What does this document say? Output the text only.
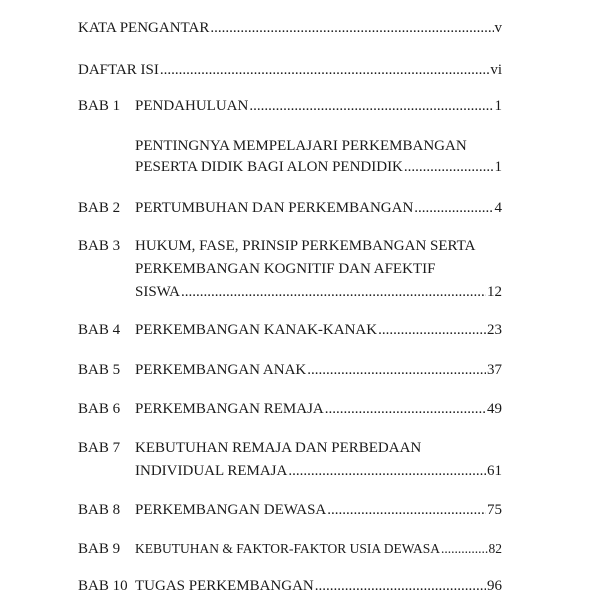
KATA PENGANTAR .....	v
DAFTAR ISI .....	vi
BAB 1 PENDAHULUAN .....	1
PENTINGNYA MEMPELAJARI PERKEMBANGAN
PESERTA DIDIK BAGI ALON PENDIDIK .....	1
BAB 2 PERTUMBUHAN DAN PERKEMBANGAN .....	4
BAB 3 HUKUM, FASE, PRINSIP PERKEMBANGAN SERTA
PERKEMBANGAN KOGNITIF DAN AFEKTIF
SISWA .....	12
BAB 4 PERKEMBANGAN KANAK-KANAK .....	23
BAB 5 PERKEMBANGAN ANAK .....	37
BAB 6 PERKEMBANGAN REMAJA .....	49
BAB 7 KEBUTUHAN REMAJA DAN PERBEDAAN
INDIVIDUAL REMAJA .....	61
BAB 8 PERKEMBANGAN DEWASA .....	75
BAB 9 KEBUTUHAN & FAKTOR-FAKTOR USIA DEWASA .....	82
BAB 10 TUGAS PERKEMBANGAN .....	96
